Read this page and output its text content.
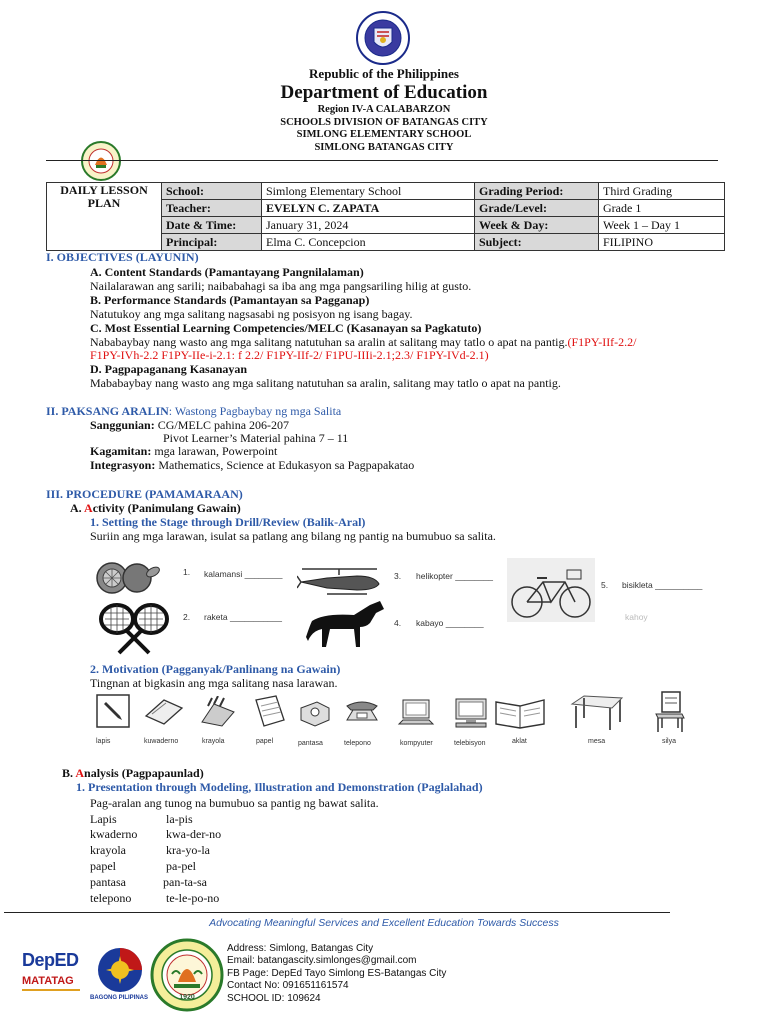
Republic of the Philippines
Department of Education
Region IV-A CALABARZON
SCHOOLS DIVISION OF BATANGAS CITY
SIMLONG ELEMENTARY SCHOOL
SIMLONG BATANGAS CITY
DAILY LESSON PLAN	School:	Simlong Elementary School	Grading Period:	Third Grading
	Teacher:	EVELYN C. ZAPATA	Grade/Level:	Grade 1
	Date & Time:	January 31, 2024	Week & Day:	Week 1 – Day 1
	Principal:	Elma C. Concepcion	Subject:	FILIPINO
I. OBJECTIVES (LAYUNIN)
A. Content Standards (Pamantayang Pangnilalaman)
Nailalarawan ang sarili; naibabahagi sa iba ang mga pangsariling hilig at gusto.
B. Performance Standards (Pamantayan sa Pagganap)
Natutukoy ang mga salitang nagsasabi ng posisyon ng isang bagay.
C. Most Essential Learning Competencies/MELC (Kasanayan sa Pagkatuto)
Nababaybay nang wasto ang mga salitang natutuhan sa aralin at salitang may tatlo o apat na pantig.(F1PY-IIf-2.2/
F1PY-IVh-2.2 F1PY-IIe-i-2.1: f 2.2/ F1PY-IIf-2/ F1PU-IIIi-2.1;2.3/ F1PY-IVd-2.1)
D. Pagpapaganang Kasanayan
Mababaybay nang wasto ang mga salitang natutuhan sa aralin, salitang may tatlo o apat na pantig.
II. PAKSANG ARALIN: Wastong Pagbaybay ng mga Salita
Sanggunian: CG/MELC pahina 206-207
Pivot Learner’s Material pahina 7 – 11
Kagamitan: mga larawan, Powerpoint
Integrasyon: Mathematics, Science at Edukasyon sa Pagpapakatao
III. PROCEDURE (PAMAMARAAN)
A. Activity (Panimulang Gawain)
1. Setting the Stage through Drill/Review (Balik-Aral)
Suriin ang mga larawan, isulat sa patlang ang bilang ng pantig na bumubuo sa salita.
1. kalamansi ________	3. helikopter ________
5. bisikleta __________
kahoy
2. raketa ___________
4. kabayo ________
2. Motivation (Pagganyak/Panlinang na Gawain)
Tingnan at bigkasin ang mga salitang nasa larawan.
lapis	kuwaderno	krayola	papel	pantasa	telepono	kompyuter	telebisyon	aklat	mesa	silya
B. Analysis (Pagpapaunlad)
1. Presentation through Modeling, Illustration and Demonstration (Paglalahad)
Pag-aralan ang tunog na bumubuo sa pantig ng bawat salita.
Lapis	la-pis
kwaderno kwa-der-no
krayola	kra-yo-la
papel	pa-pel
pantasa	pan-ta-sa
telepono	te-le-po-no
Advocating Meaningful Services and Excellent Education Towards Success
DepED
MATATAG
BAGONG PILIPINAS	1920
Address: Simlong, Batangas City
Email: batangascity.simlonges@gmail.com
FB Page: DepEd Tayo Simlong ES-Batangas City
Contact No: 091651161574
SCHOOL ID: 109624
